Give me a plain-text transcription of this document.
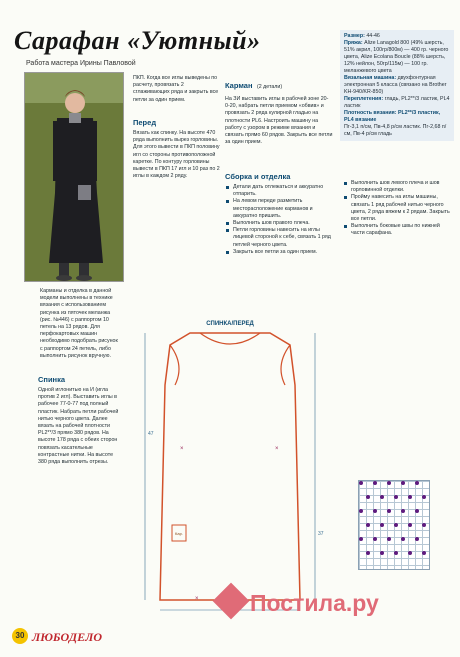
Сарафан «Уютный»
Работа мастера Ирины Павловой
Карманы и отделка в данной модели выполнены в технике вязания с использованием рисунка из пяточек меланжа (рис. №446) с раппортом 10 петель на 13 рядов. Для перфокартовых машин необходимо подобрать рисунок с раппортом 24 петель, либо выполнить рисунок вручную.
Спинка
Одной иглонитью на И (игла против 2 игл). Выставить иглы в рабочее 77-0-77 под полный пластик. Набрать петли рабочей нитью черного цвета. Далее вязать на рабочей плотности PL2**/3 прямо 380 рядов. На высоте 178 ряда с обеих сторон повязать касательные контрастные нитки. На высоте 380 ряда выполнить отрезы.
ПКП. Когда все иглы выведены по расчету, провязать 2 сглаживающих ряда и закрыть все петли за один прием.
Перед
Вязать как спинку. На высоте 470 ряда выполнить вырез горловины. Для этого вывести в ПКП половину игл со стороны противоположной каретке. По контуру горловины вывести в ПКП 17 игл и 10 раз по 2 иглы в каждом 2 ряду.
Карман (2 детали)
На ЗИ выставить иглы в рабочей зоне 20-0-20, набрать петли приемом «обвив» и провязать 2 ряда кулирной гладью на плотности PL6. Настроить машину на работу с узором в режиме вязания и связать прямо 60 рядов. Закрыть все петли за один прием.
Сборка и отделка
Детали дать отлежаться и аккуратно отпарить.
На левом переде разметить месторасположение карманов и аккуратно пришить.
Выполнить шов правого плеча.
Петли горловины навесить на иглы лицевой стороной к себе, связать 1 ряд петлей черного цвета.
Закрыть все петли за один прием.
Размер: 44-46
Пряжа: Alize Lanagold 800 (49% шерсть, 51% акрил, 100гр/800м) — 400 гр. черного цвета, Alize Ecolana Boucle (88% шерсть, 12% нейлон, 50гр/115м) — 100 гр. меланжевого цвета
Вязальная машина: двухфонтурная электронная 5 класса (связано на Brother KH-940/KR-850)
Переплетения: гладь, PL2**/3 ластик, PL4 ластик
Плотность вязания: PL2**/3 пластик, PL4 вязание
Пг-3,1 п/см, Пв-4,8 р/см ластик. Пг-2,68 п/см, Пв-4 р/см гладь
Выполнить шов левого плеча и шов горловинной отделки.
Пройму навесить на иглы машины, связать 1 ряд рабочей нитью черного цвета, 2 ряда вяжем к 2 рядам. Закрыть все петли.
Выполнить боковые швы по нижней части сарафана.
СПИНКА/ПЕРЕД
47
37
Кар.
×	×
× Постила.ру
30 ЛЮБОДЕЛО
